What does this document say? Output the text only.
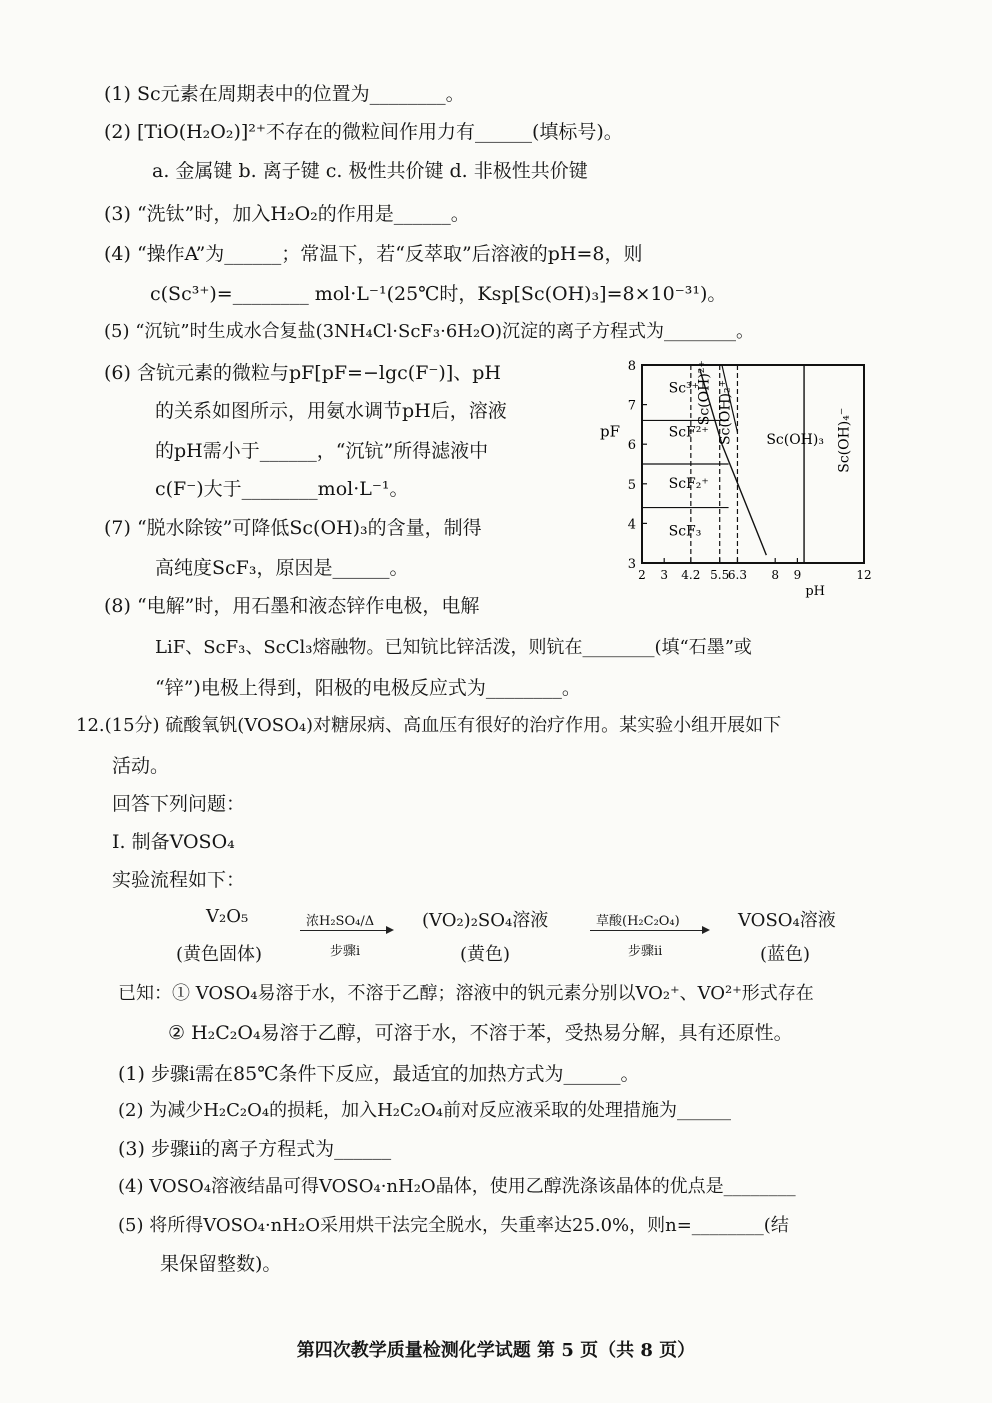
(1) Sc元素在周期表中的位置为________。
(2) [TiO(H₂O₂)]²⁺不存在的微粒间作用力有______(填标号)。
a. 金属键 b. 离子键 c. 极性共价键 d. 非极性共价键
(3) “洗钛”时，加入H₂O₂的作用是______。
(4) “操作A”为______；常温下，若“反萃取”后溶液的pH=8，则
c(Sc³⁺)=________ mol·L⁻¹(25℃时，Ksp[Sc(OH)₃]=8×10⁻³¹)。
(5) “沉钪”时生成水合复盐(3NH₄Cl·ScF₃·6H₂O)沉淀的离子方程式为________。
(6) 含钪元素的微粒与pF[pF=−lgc(F⁻)]、pH
的关系如图所示，用氨水调节pH后，溶液
的pH需小于______，“沉钪”所得滤液中
c(F⁻)大于________mol·L⁻¹。
(7) “脱水除铵”可降低Sc(OH)₃的含量，制得
高纯度ScF₃，原因是______。
(8) “电解”时，用石墨和液态锌作电极，电解
LiF、ScF₃、ScCl₃熔融物。已知钪比锌活泼，则钪在________(填“石墨”或
“锌”)电极上得到，阳极的电极反应式为________。
12.(15分) 硫酸氧钒(VOSO₄)对糖尿病、高血压有很好的治疗作用。某实验小组开展如下
活动。
回答下列问题：
Ⅰ. 制备VOSO₄
实验流程如下：
V₂O₅
(黄色固体)
浓H₂SO₄/Δ
步骤ⅰ
(VO₂)₂SO₄溶液
(黄色)
草酸(H₂C₂O₄)
步骤ⅱ
VOSO₄溶液
(蓝色)
已知：① VOSO₄易溶于水，不溶于乙醇；溶液中的钒元素分别以VO₂⁺、VO²⁺形式存在
② H₂C₂O₄易溶于乙醇，可溶于水，不溶于苯，受热易分解，具有还原性。
(1) 步骤ⅰ需在85℃条件下反应，最适宜的加热方式为______。
(2) 为减少H₂C₂O₄的损耗，加入H₂C₂O₄前对反应液采取的处理措施为______
(3) 步骤ⅱ的离子方程式为______
(4) VOSO₄溶液结晶可得VOSO₄·nH₂O晶体，使用乙醇洗涤该晶体的优点是________
(5) 将所得VOSO₄·nH₂O采用烘干法完全脱水，失重率达25.0%，则n=________(结
果保留整数)。
3
4
5
6
7
8
2 3 4.2 5.5
6.3 8 9	12
pH
pF
Sc³⁺
ScF²⁺
ScF₂⁺
ScF₃
Sc(OH)²⁺ Sc(OH)₂⁺ Sc(OH)₃ Sc(OH)₄⁻
第四次教学质量检测化学试题 第 5 页（共 8 页）
